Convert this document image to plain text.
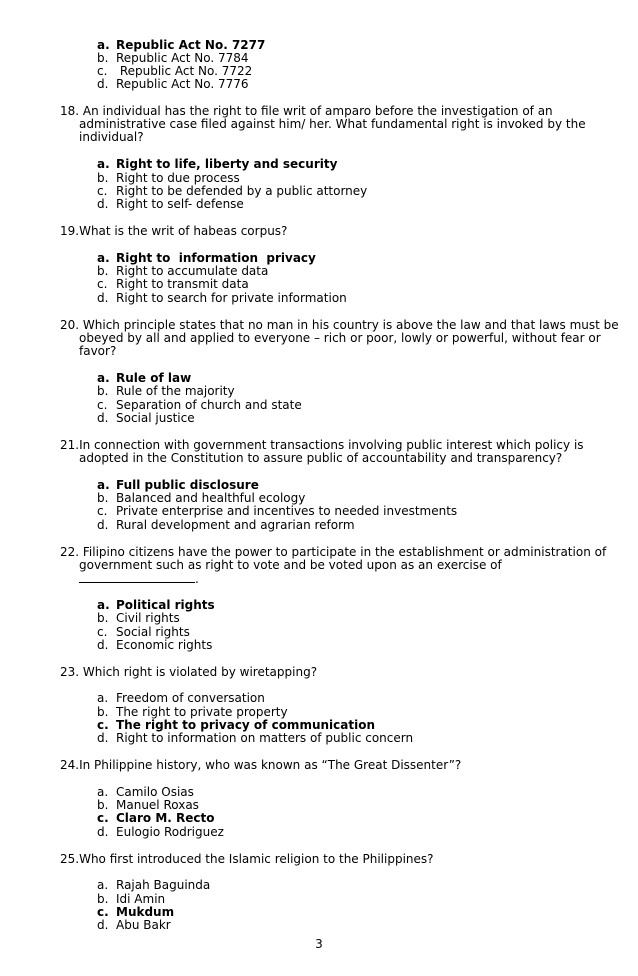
a. Republic Act No. 7277
b. Republic Act No. 7784
c. Republic Act No. 7722
d. Republic Act No. 7776
18. An individual has the right to file writ of amparo before the investigation of an
administrative case filed against him/ her. What fundamental right is invoked by the
individual?
a. Right to life, liberty and security
b. Right to due process
c. Right to be defended by a public attorney
d. Right to self- defense
19.What is the writ of habeas corpus?
a. Right to  information  privacy
b. Right to accumulate data
c. Right to transmit data
d. Right to search for private information
20. Which principle states that no man in his country is above the law and that laws must be
obeyed by all and applied to everyone – rich or poor, lowly or powerful, without fear or
favor?
a. Rule of law
b. Rule of the majority
c. Separation of church and state
d. Social justice
21.In connection with government transactions involving public interest which policy is
adopted in the Constitution to assure public of accountability and transparency?
a. Full public disclosure
b. Balanced and healthful ecology
c. Private enterprise and incentives to needed investments
d. Rural development and agrarian reform
22. Filipino citizens have the power to participate in the establishment or administration of
government such as right to vote and be voted upon as an exercise of
.
a. Political rights
b. Civil rights
c. Social rights
d. Economic rights
23. Which right is violated by wiretapping?
a. Freedom of conversation
b. The right to private property
c. The right to privacy of communication
d. Right to information on matters of public concern
24.In Philippine history, who was known as “The Great Dissenter”?
a. Camilo Osias
b. Manuel Roxas
c. Claro M. Recto
d. Eulogio Rodriguez
25.Who first introduced the Islamic religion to the Philippines?
a. Rajah Baguinda
b. Idi Amin
c. Mukdum
d. Abu Bakr
3
